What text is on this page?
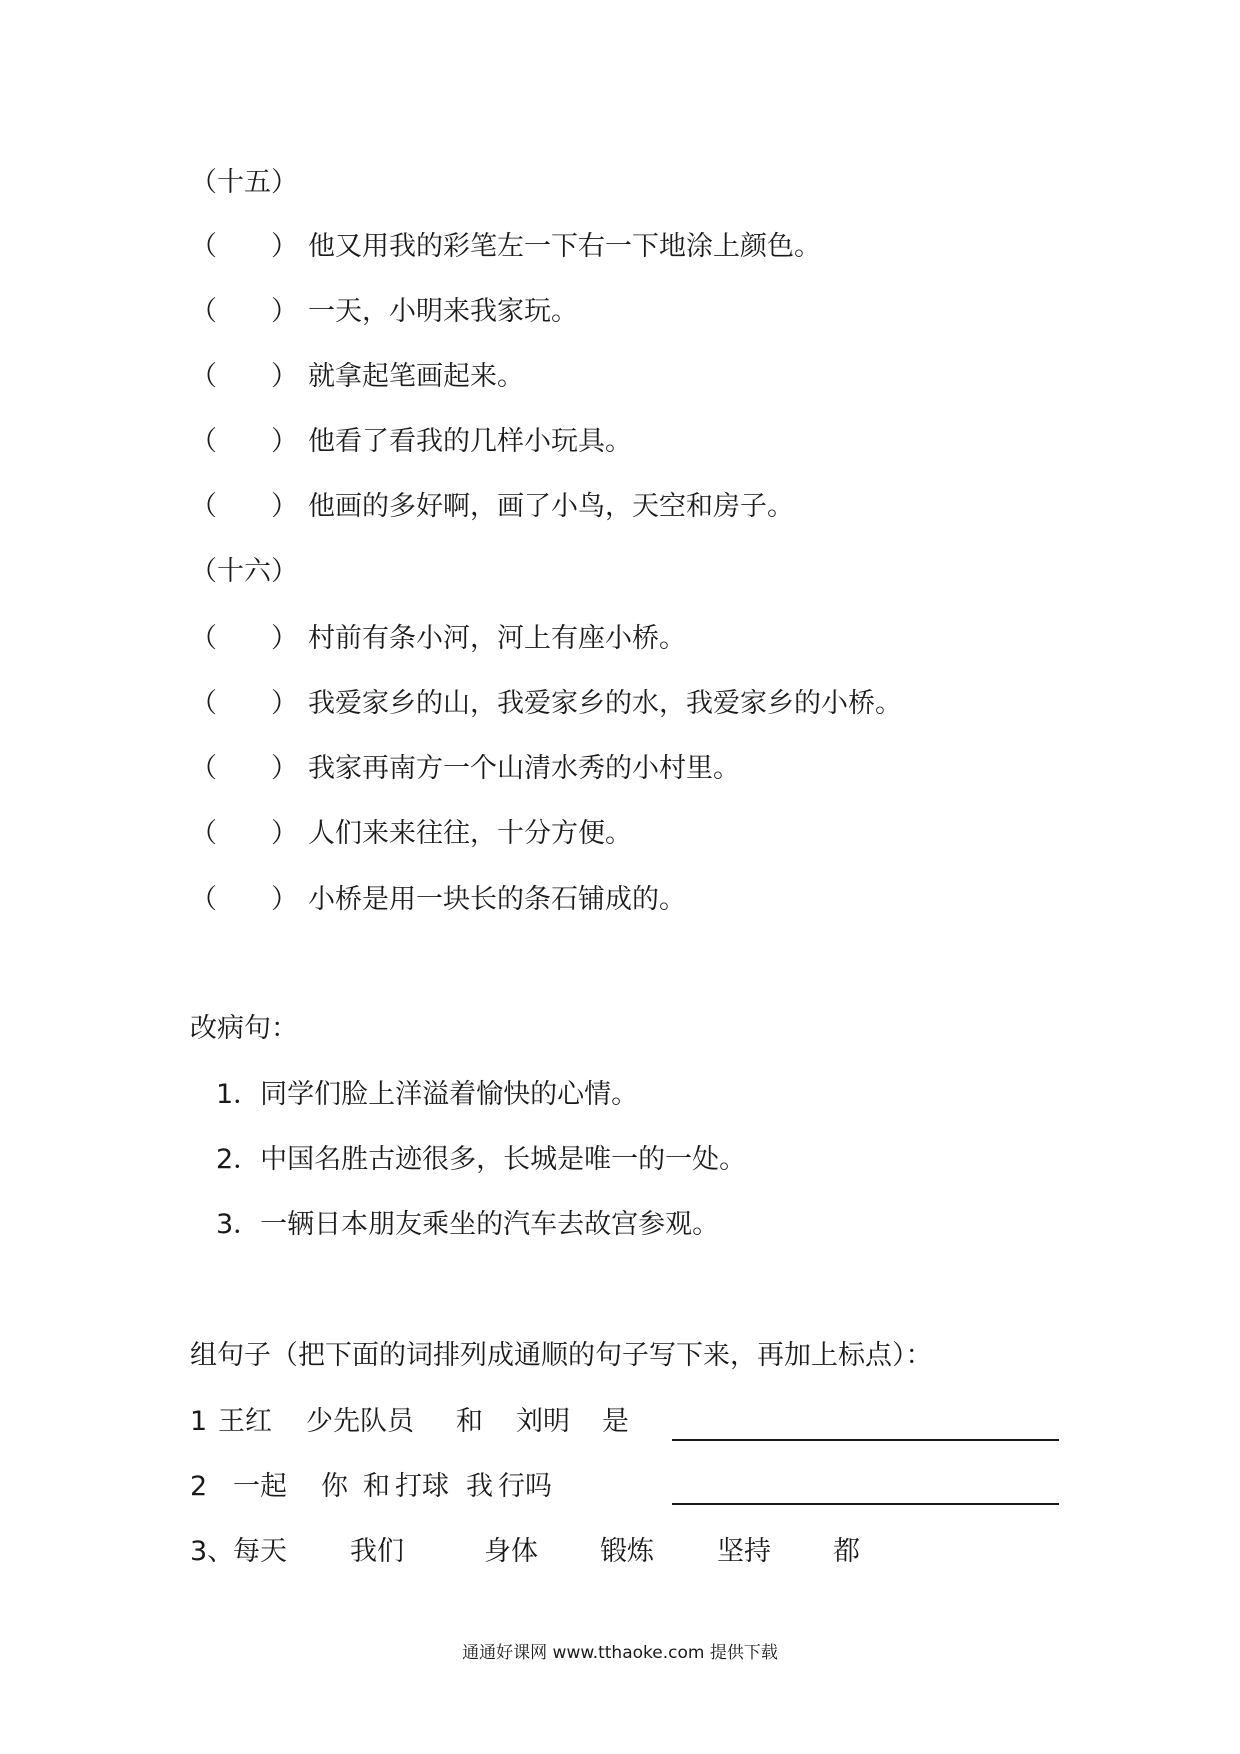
（十五）
（　　） 他又用我的彩笔左一下右一下地涂上颜色。
（　　） 一天，小明来我家玩。
（　　） 就拿起笔画起来。
（　　） 他看了看我的几样小玩具。
（　　） 他画的多好啊，画了小鸟，天空和房子。
（十六）
（　　） 村前有条小河，河上有座小桥。
（　　） 我爱家乡的山，我爱家乡的水，我爱家乡的小桥。
（　　） 我家再南方一个山清水秀的小村里。
（　　） 人们来来往往，十分方便。
（　　） 小桥是用一块长的条石铺成的。
改病句：
1．同学们脸上洋溢着愉快的心情。
2．中国名胜古迹很多，长城是唯一的一处。
3．一辆日本朋友乘坐的汽车去故宫参观。
组句子（把下面的词排列成通顺的句子写下来，再加上标点）：
1 王红 少先队员 和 刘明 是
2 一起 你 和 打球 我 行吗
3、每天 我们	身体 锻炼 坚持 都
通通好课网 www.tthaoke.com 提供下载
